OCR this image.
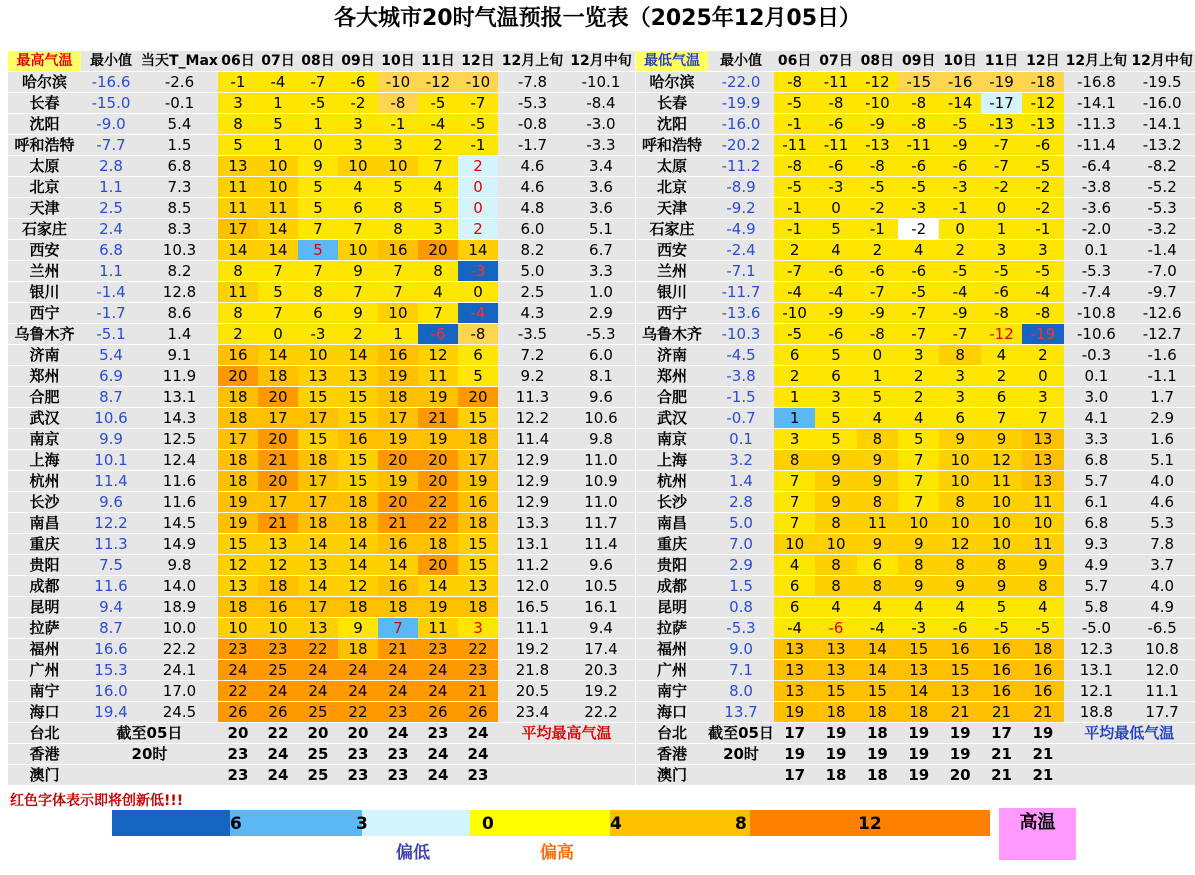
各大城市20时气温预报一览表（2025年12月05日）
最高气温	最小值	当天T_Max	06日	07日	08日	09日	10日	11日	12日	12月上旬	12月中旬
哈尔滨	-16.6	-2.6	-1	-4	-7	-6	-10	-12	-10	-7.8	-10.1
长春	-15.0	-0.1	3	1	-5	-2	-8	-5	-7	-5.3	-8.4
沈阳	-9.0	5.4	8	5	1	3	-1	-4	-5	-0.8	-3.0
呼和浩特	-7.7	1.5	5	1	0	3	3	2	-1	-1.7	-3.3
太原	2.8	6.8	13	10	9	10	10	7	2	4.6	3.4
北京	1.1	7.3	11	10	5	4	5	4	0	4.6	3.6
天津	2.5	8.5	11	11	5	6	8	5	0	4.8	3.6
石家庄	2.4	8.3	17	14	7	7	8	3	2	6.0	5.1
西安	6.8	10.3	14	14	5	10	16	20	14	8.2	6.7
兰州	1.1	8.2	8	7	7	9	7	8	-3	5.0	3.3
银川	-1.4	12.8	11	5	8	7	7	4	0	2.5	1.0
西宁	-1.7	8.6	8	7	6	9	10	7	-4	4.3	2.9
乌鲁木齐	-5.1	1.4	2	0	-3	2	1	-6	-8	-3.5	-5.3
济南	5.4	9.1	16	14	10	14	16	12	6	7.2	6.0
郑州	6.9	11.9	20	18	13	13	19	11	5	9.2	8.1
合肥	8.7	13.1	18	20	15	15	18	19	20	11.3	9.6
武汉	10.6	14.3	18	17	17	15	17	21	15	12.2	10.6
南京	9.9	12.5	17	20	15	16	19	19	18	11.4	9.8
上海	10.1	12.4	18	21	18	15	20	20	17	12.9	11.0
杭州	11.4	11.6	18	20	17	15	19	20	19	12.9	10.9
长沙	9.6	11.6	19	17	17	18	20	22	16	12.9	11.0
南昌	12.2	14.5	19	21	18	18	21	22	18	13.3	11.7
重庆	11.3	14.9	15	13	14	14	16	18	15	13.1	11.4
贵阳	7.5	9.8	12	12	13	14	14	20	15	11.2	9.6
成都	11.6	14.0	13	18	14	12	16	14	13	12.0	10.5
昆明	9.4	18.9	18	16	17	18	18	19	18	16.5	16.1
拉萨	8.7	10.0	10	10	13	9	7	11	3	11.1	9.4
福州	16.6	22.2	23	23	22	18	21	23	22	19.2	17.4
广州	15.3	24.1	24	25	24	24	24	24	23	21.8	20.3
南宁	16.0	17.0	22	24	24	24	24	24	21	20.5	19.2
海口	19.4	24.5	26	26	25	22	23	26	26	23.4	22.2
台北	截至05日		20	22	20	20	24	23	24	平均最高气温	
香港	20时		23	24	25	23	23	24	24		
澳门			23	24	25	23	23	24	23		
最低气温	最小值	06日	07日	08日	09日	10日	11日	12日	12月上旬	12月中旬
哈尔滨	-22.0	-8	-11	-12	-15	-16	-19	-18	-16.8	-19.5
长春	-19.9	-5	-8	-10	-8	-14	-17	-12	-14.1	-16.0
沈阳	-16.0	-1	-6	-9	-8	-5	-13	-13	-11.3	-14.1
呼和浩特	-20.2	-11	-11	-13	-11	-9	-7	-6	-11.4	-13.2
太原	-11.2	-8	-6	-8	-6	-6	-7	-5	-6.4	-8.2
北京	-8.9	-5	-3	-5	-5	-3	-2	-2	-3.8	-5.2
天津	-9.2	-1	0	-2	-3	-1	0	-2	-3.6	-5.3
石家庄	-4.9	-1	5	-1	-2	0	1	-1	-2.0	-3.2
西安	-2.4	2	4	2	4	2	3	3	0.1	-1.4
兰州	-7.1	-7	-6	-6	-6	-5	-5	-5	-5.3	-7.0
银川	-11.7	-4	-4	-7	-5	-4	-6	-4	-7.4	-9.7
西宁	-13.6	-10	-9	-9	-7	-9	-8	-8	-10.8	-12.6
乌鲁木齐	-10.3	-5	-6	-8	-7	-7	-12	-19	-10.6	-12.7
济南	-4.5	6	5	0	3	8	4	2	-0.3	-1.6
郑州	-3.8	2	6	1	2	3	2	0	0.1	-1.1
合肥	-1.5	1	3	5	2	3	6	3	3.0	1.7
武汉	-0.7	1	5	4	4	6	7	7	4.1	2.9
南京	0.1	3	5	8	5	9	9	13	3.3	1.6
上海	3.2	8	9	9	7	10	12	13	6.8	5.1
杭州	1.4	7	9	9	7	10	11	13	5.7	4.0
长沙	2.8	7	9	8	7	8	10	11	6.1	4.6
南昌	5.0	7	8	11	10	10	10	10	6.8	5.3
重庆	7.0	10	10	9	9	12	10	11	9.3	7.8
贵阳	2.9	4	8	6	8	8	8	9	4.9	3.7
成都	1.5	6	8	8	9	9	9	8	5.7	4.0
昆明	0.8	6	4	4	4	4	5	4	5.8	4.9
拉萨	-5.3	-4	-6	-4	-3	-6	-5	-5	-5.0	-6.5
福州	9.0	13	13	14	15	16	16	18	12.3	10.8
广州	7.1	13	13	14	13	15	16	16	13.1	12.0
南宁	8.0	13	15	15	14	13	16	16	12.1	11.1
海口	13.7	19	18	18	18	21	21	21	18.8	17.7
台北	截至05日	17	19	18	19	19	17	19	平均最低气温	
香港	20时	19	19	19	19	19	21	21		
澳门		17	18	18	19	20	21	21		
红色字体表示即将创新低!!!
6	3	0	4	8	12
偏低	偏高
高温
